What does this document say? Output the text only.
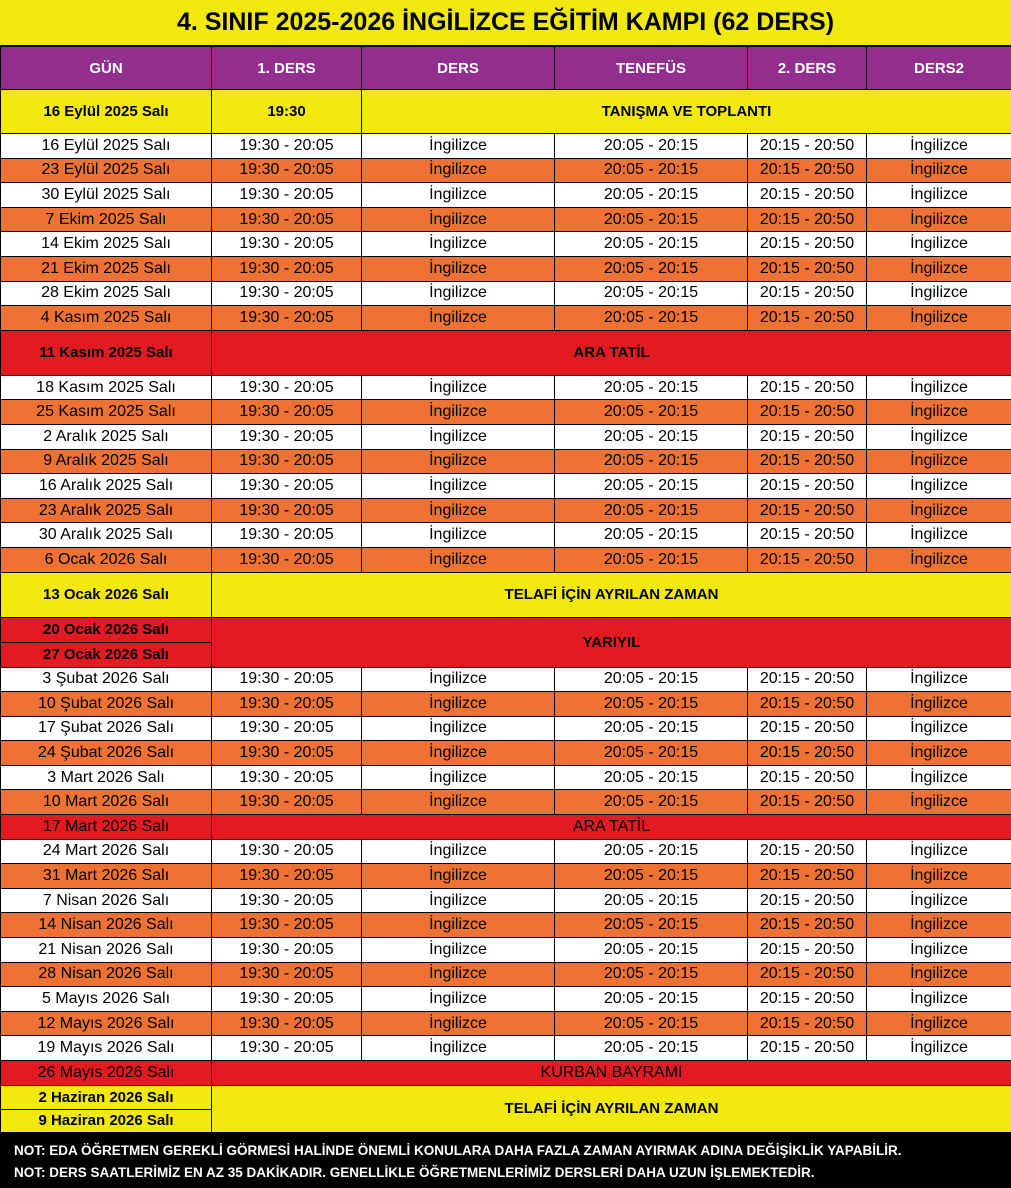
4. SINIF 2025-2026 İNGİLİZCE EĞİTİM KAMPI (62 DERS)
GÜN	1. DERS	DERS	TENEFÜS	2. DERS	DERS2
16 Eylül 2025 Salı	19:30	TANIŞMA VE TOPLANTI			
16 Eylül 2025 Salı	19:30 - 20:05	İngilizce	20:05 - 20:15	20:15 - 20:50	İngilizce
23 Eylül 2025 Salı	19:30 - 20:05	İngilizce	20:05 - 20:15	20:15 - 20:50	İngilizce
30 Eylül 2025 Salı	19:30 - 20:05	İngilizce	20:05 - 20:15	20:15 - 20:50	İngilizce
7 Ekim 2025 Salı	19:30 - 20:05	İngilizce	20:05 - 20:15	20:15 - 20:50	İngilizce
14 Ekim 2025 Salı	19:30 - 20:05	İngilizce	20:05 - 20:15	20:15 - 20:50	İngilizce
21 Ekim 2025 Salı	19:30 - 20:05	İngilizce	20:05 - 20:15	20:15 - 20:50	İngilizce
28 Ekim 2025 Salı	19:30 - 20:05	İngilizce	20:05 - 20:15	20:15 - 20:50	İngilizce
4 Kasım 2025 Salı	19:30 - 20:05	İngilizce	20:05 - 20:15	20:15 - 20:50	İngilizce
11 Kasım 2025 Salı	ARA TATİL				
18 Kasım 2025 Salı	19:30 - 20:05	İngilizce	20:05 - 20:15	20:15 - 20:50	İngilizce
25 Kasım 2025 Salı	19:30 - 20:05	İngilizce	20:05 - 20:15	20:15 - 20:50	İngilizce
2 Aralık 2025 Salı	19:30 - 20:05	İngilizce	20:05 - 20:15	20:15 - 20:50	İngilizce
9 Aralık 2025 Salı	19:30 - 20:05	İngilizce	20:05 - 20:15	20:15 - 20:50	İngilizce
16 Aralık 2025 Salı	19:30 - 20:05	İngilizce	20:05 - 20:15	20:15 - 20:50	İngilizce
23 Aralık 2025 Salı	19:30 - 20:05	İngilizce	20:05 - 20:15	20:15 - 20:50	İngilizce
30 Aralık 2025 Salı	19:30 - 20:05	İngilizce	20:05 - 20:15	20:15 - 20:50	İngilizce
6 Ocak 2026 Salı	19:30 - 20:05	İngilizce	20:05 - 20:15	20:15 - 20:50	İngilizce
13 Ocak 2026 Salı	TELAFİ İÇİN AYRILAN ZAMAN				
20 Ocak 2026 Salı	YARIYIL				
27 Ocak 2026 Salı					
3 Şubat 2026 Salı	19:30 - 20:05	İngilizce	20:05 - 20:15	20:15 - 20:50	İngilizce
10 Şubat 2026 Salı	19:30 - 20:05	İngilizce	20:05 - 20:15	20:15 - 20:50	İngilizce
17 Şubat 2026 Salı	19:30 - 20:05	İngilizce	20:05 - 20:15	20:15 - 20:50	İngilizce
24 Şubat 2026 Salı	19:30 - 20:05	İngilizce	20:05 - 20:15	20:15 - 20:50	İngilizce
3 Mart 2026 Salı	19:30 - 20:05	İngilizce	20:05 - 20:15	20:15 - 20:50	İngilizce
10 Mart 2026 Salı	19:30 - 20:05	İngilizce	20:05 - 20:15	20:15 - 20:50	İngilizce
17 Mart 2026 Salı	ARA TATİL				
24 Mart 2026 Salı	19:30 - 20:05	İngilizce	20:05 - 20:15	20:15 - 20:50	İngilizce
31 Mart 2026 Salı	19:30 - 20:05	İngilizce	20:05 - 20:15	20:15 - 20:50	İngilizce
7 Nisan 2026 Salı	19:30 - 20:05	İngilizce	20:05 - 20:15	20:15 - 20:50	İngilizce
14 Nisan 2026 Salı	19:30 - 20:05	İngilizce	20:05 - 20:15	20:15 - 20:50	İngilizce
21 Nisan 2026 Salı	19:30 - 20:05	İngilizce	20:05 - 20:15	20:15 - 20:50	İngilizce
28 Nisan 2026 Salı	19:30 - 20:05	İngilizce	20:05 - 20:15	20:15 - 20:50	İngilizce
5 Mayıs 2026 Salı	19:30 - 20:05	İngilizce	20:05 - 20:15	20:15 - 20:50	İngilizce
12 Mayıs 2026 Salı	19:30 - 20:05	İngilizce	20:05 - 20:15	20:15 - 20:50	İngilizce
19 Mayıs 2026 Salı	19:30 - 20:05	İngilizce	20:05 - 20:15	20:15 - 20:50	İngilizce
26 Mayıs 2026 Salı	KURBAN BAYRAMI				
2 Haziran 2026 Salı	TELAFİ İÇİN AYRILAN ZAMAN				
9 Haziran 2026 Salı					
NOT: EDA ÖĞRETMEN GEREKLİ GÖRMESİ HALİNDE ÖNEMLİ KONULARA DAHA FAZLA ZAMAN AYIRMAK ADINA DEĞİŞİKLİK YAPABİLİR.
NOT: DERS SAATLERİMİZ EN AZ 35 DAKİKADIR. GENELLİKLE ÖĞRETMENLERİMİZ DERSLERİ DAHA UZUN İŞLEMEKTEDİR.
